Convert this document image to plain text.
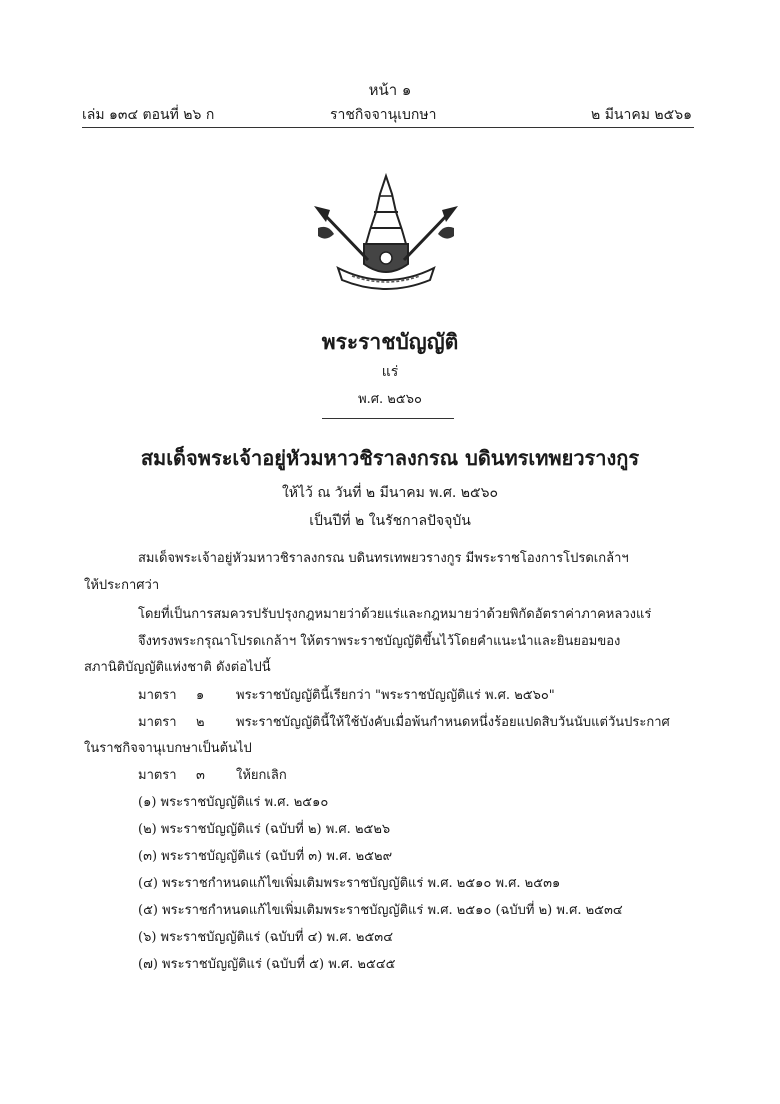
หน้า ๑
เล่ม ๑๓๔ ตอนที่ ๒๖ ก	ราชกิจจานุเบกษา	๒ มีนาคม ๒๕๖๑
พระราชบัญญัติ
แร่
พ.ศ. ๒๕๖๐
สมเด็จพระเจ้าอยู่หัวมหาวชิราลงกรณ บดินทรเทพยวรางกูร
ให้ไว้ ณ วันที่ ๒ มีนาคม พ.ศ. ๒๕๖๐
เป็นปีที่ ๒ ในรัชกาลปัจจุบัน
สมเด็จพระเจ้าอยู่หัวมหาวชิราลงกรณ บดินทรเทพยวรางกูร มีพระราชโองการโปรดเกล้าฯ
ให้ประกาศว่า
โดยที่เป็นการสมควรปรับปรุงกฎหมายว่าด้วยแร่และกฎหมายว่าด้วยพิกัดอัตราค่าภาคหลวงแร่
จึงทรงพระกรุณาโปรดเกล้าฯ ให้ตราพระราชบัญญัติขึ้นไว้โดยคำแนะนำและยินยอมของ
สภานิติบัญญัติแห่งชาติ ดังต่อไปนี้
มาตรา ๑ พระราชบัญญัตินี้เรียกว่า "พระราชบัญญัติแร่ พ.ศ. ๒๕๖๐"
มาตรา ๒ พระราชบัญญัตินี้ให้ใช้บังคับเมื่อพ้นกำหนดหนึ่งร้อยแปดสิบวันนับแต่วันประกาศ
ในราชกิจจานุเบกษาเป็นต้นไป
มาตรา ๓ ให้ยกเลิก
(๑) พระราชบัญญัติแร่ พ.ศ. ๒๕๑๐
(๒) พระราชบัญญัติแร่ (ฉบับที่ ๒) พ.ศ. ๒๕๒๖
(๓) พระราชบัญญัติแร่ (ฉบับที่ ๓) พ.ศ. ๒๕๒๙
(๔) พระราชกำหนดแก้ไขเพิ่มเติมพระราชบัญญัติแร่ พ.ศ. ๒๕๑๐ พ.ศ. ๒๕๓๑
(๕) พระราชกำหนดแก้ไขเพิ่มเติมพระราชบัญญัติแร่ พ.ศ. ๒๕๑๐ (ฉบับที่ ๒) พ.ศ. ๒๕๓๔
(๖) พระราชบัญญัติแร่ (ฉบับที่ ๔) พ.ศ. ๒๕๓๔
(๗) พระราชบัญญัติแร่ (ฉบับที่ ๕) พ.ศ. ๒๕๔๕
